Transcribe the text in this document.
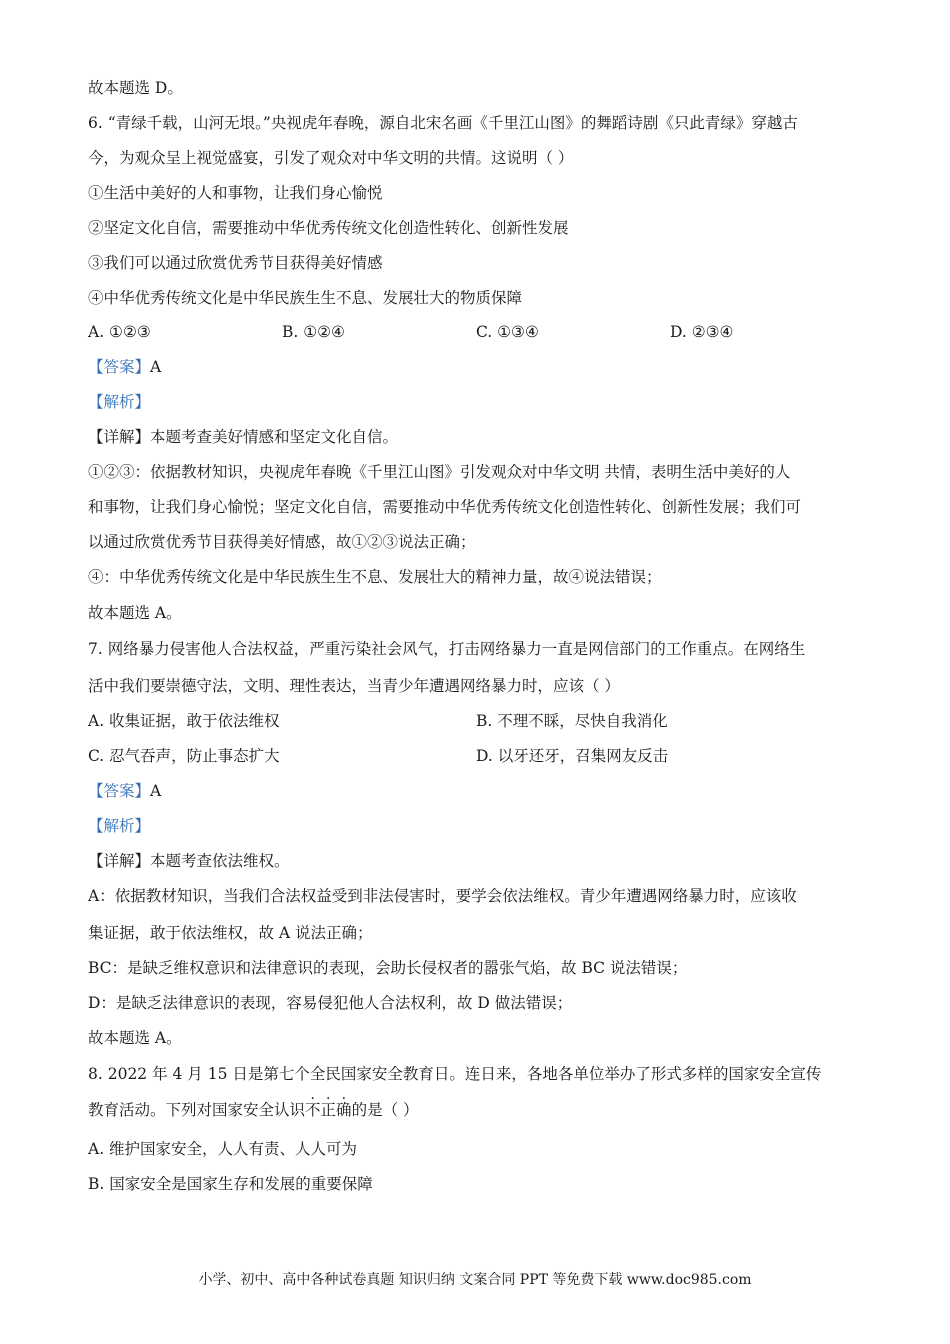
故本题选 D。
6. “青绿千载，山河无垠。”央视虎年春晚，源自北宋名画《千里江山图》的舞蹈诗剧《只此青绿》穿越古
今，为观众呈上视觉盛宴，引发了观众对中华文明的共情。这说明（ ）
①生活中美好的人和事物，让我们身心愉悦
②坚定文化自信，需要推动中华优秀传统文化创造性转化、创新性发展
③我们可以通过欣赏优秀节目获得美好情感
④中华优秀传统文化是中华民族生生不息、发展壮大的物质保障
A. ①②③	B. ①②④	C. ①③④	D. ②③④
【答案】A
【解析】
【详解】本题考查美好情感和坚定文化自信。
①②③：依据教材知识，央视虎年春晚《千里江山图》引发观众对中华文明 共情，表明生活中美好的人
和事物，让我们身心愉悦；坚定文化自信，需要推动中华优秀传统文化创造性转化、创新性发展；我们可
以通过欣赏优秀节目获得美好情感，故①②③说法正确；
④：中华优秀传统文化是中华民族生生不息、发展壮大的精神力量，故④说法错误；
故本题选 A。
7. 网络暴力侵害他人合法权益，严重污染社会风气，打击网络暴力一直是网信部门的工作重点。在网络生
活中我们要崇德守法，文明、理性表达，当青少年遭遇网络暴力时，应该（ ）
A. 收集证据，敢于依法维权	B. 不理不睬，尽快自我消化
C. 忍气吞声，防止事态扩大	D. 以牙还牙，召集网友反击
【答案】A
【解析】
【详解】本题考查依法维权。
A：依据教材知识，当我们合法权益受到非法侵害时，要学会依法维权。青少年遭遇网络暴力时，应该收
集证据，敢于依法维权，故 A 说法正确；
BC：是缺乏维权意识和法律意识的表现，会助长侵权者的嚣张气焰，故 BC 说法错误；
D：是缺乏法律意识的表现，容易侵犯他人合法权利，故 D 做法错误；
故本题选 A。
8. 2022 年 4 月 15 日是第七个全民国家安全教育日。连日来，各地各单位举办了形式多样的国家安全宣传
教育活动。下列对国家安全认识不正确的是（ ）
A. 维护国家安全，人人有责、人人可为
B. 国家安全是国家生存和发展的重要保障
小学、初中、高中各种试卷真题 知识归纳 文案合同 PPT 等免费下载 www.doc985.com
